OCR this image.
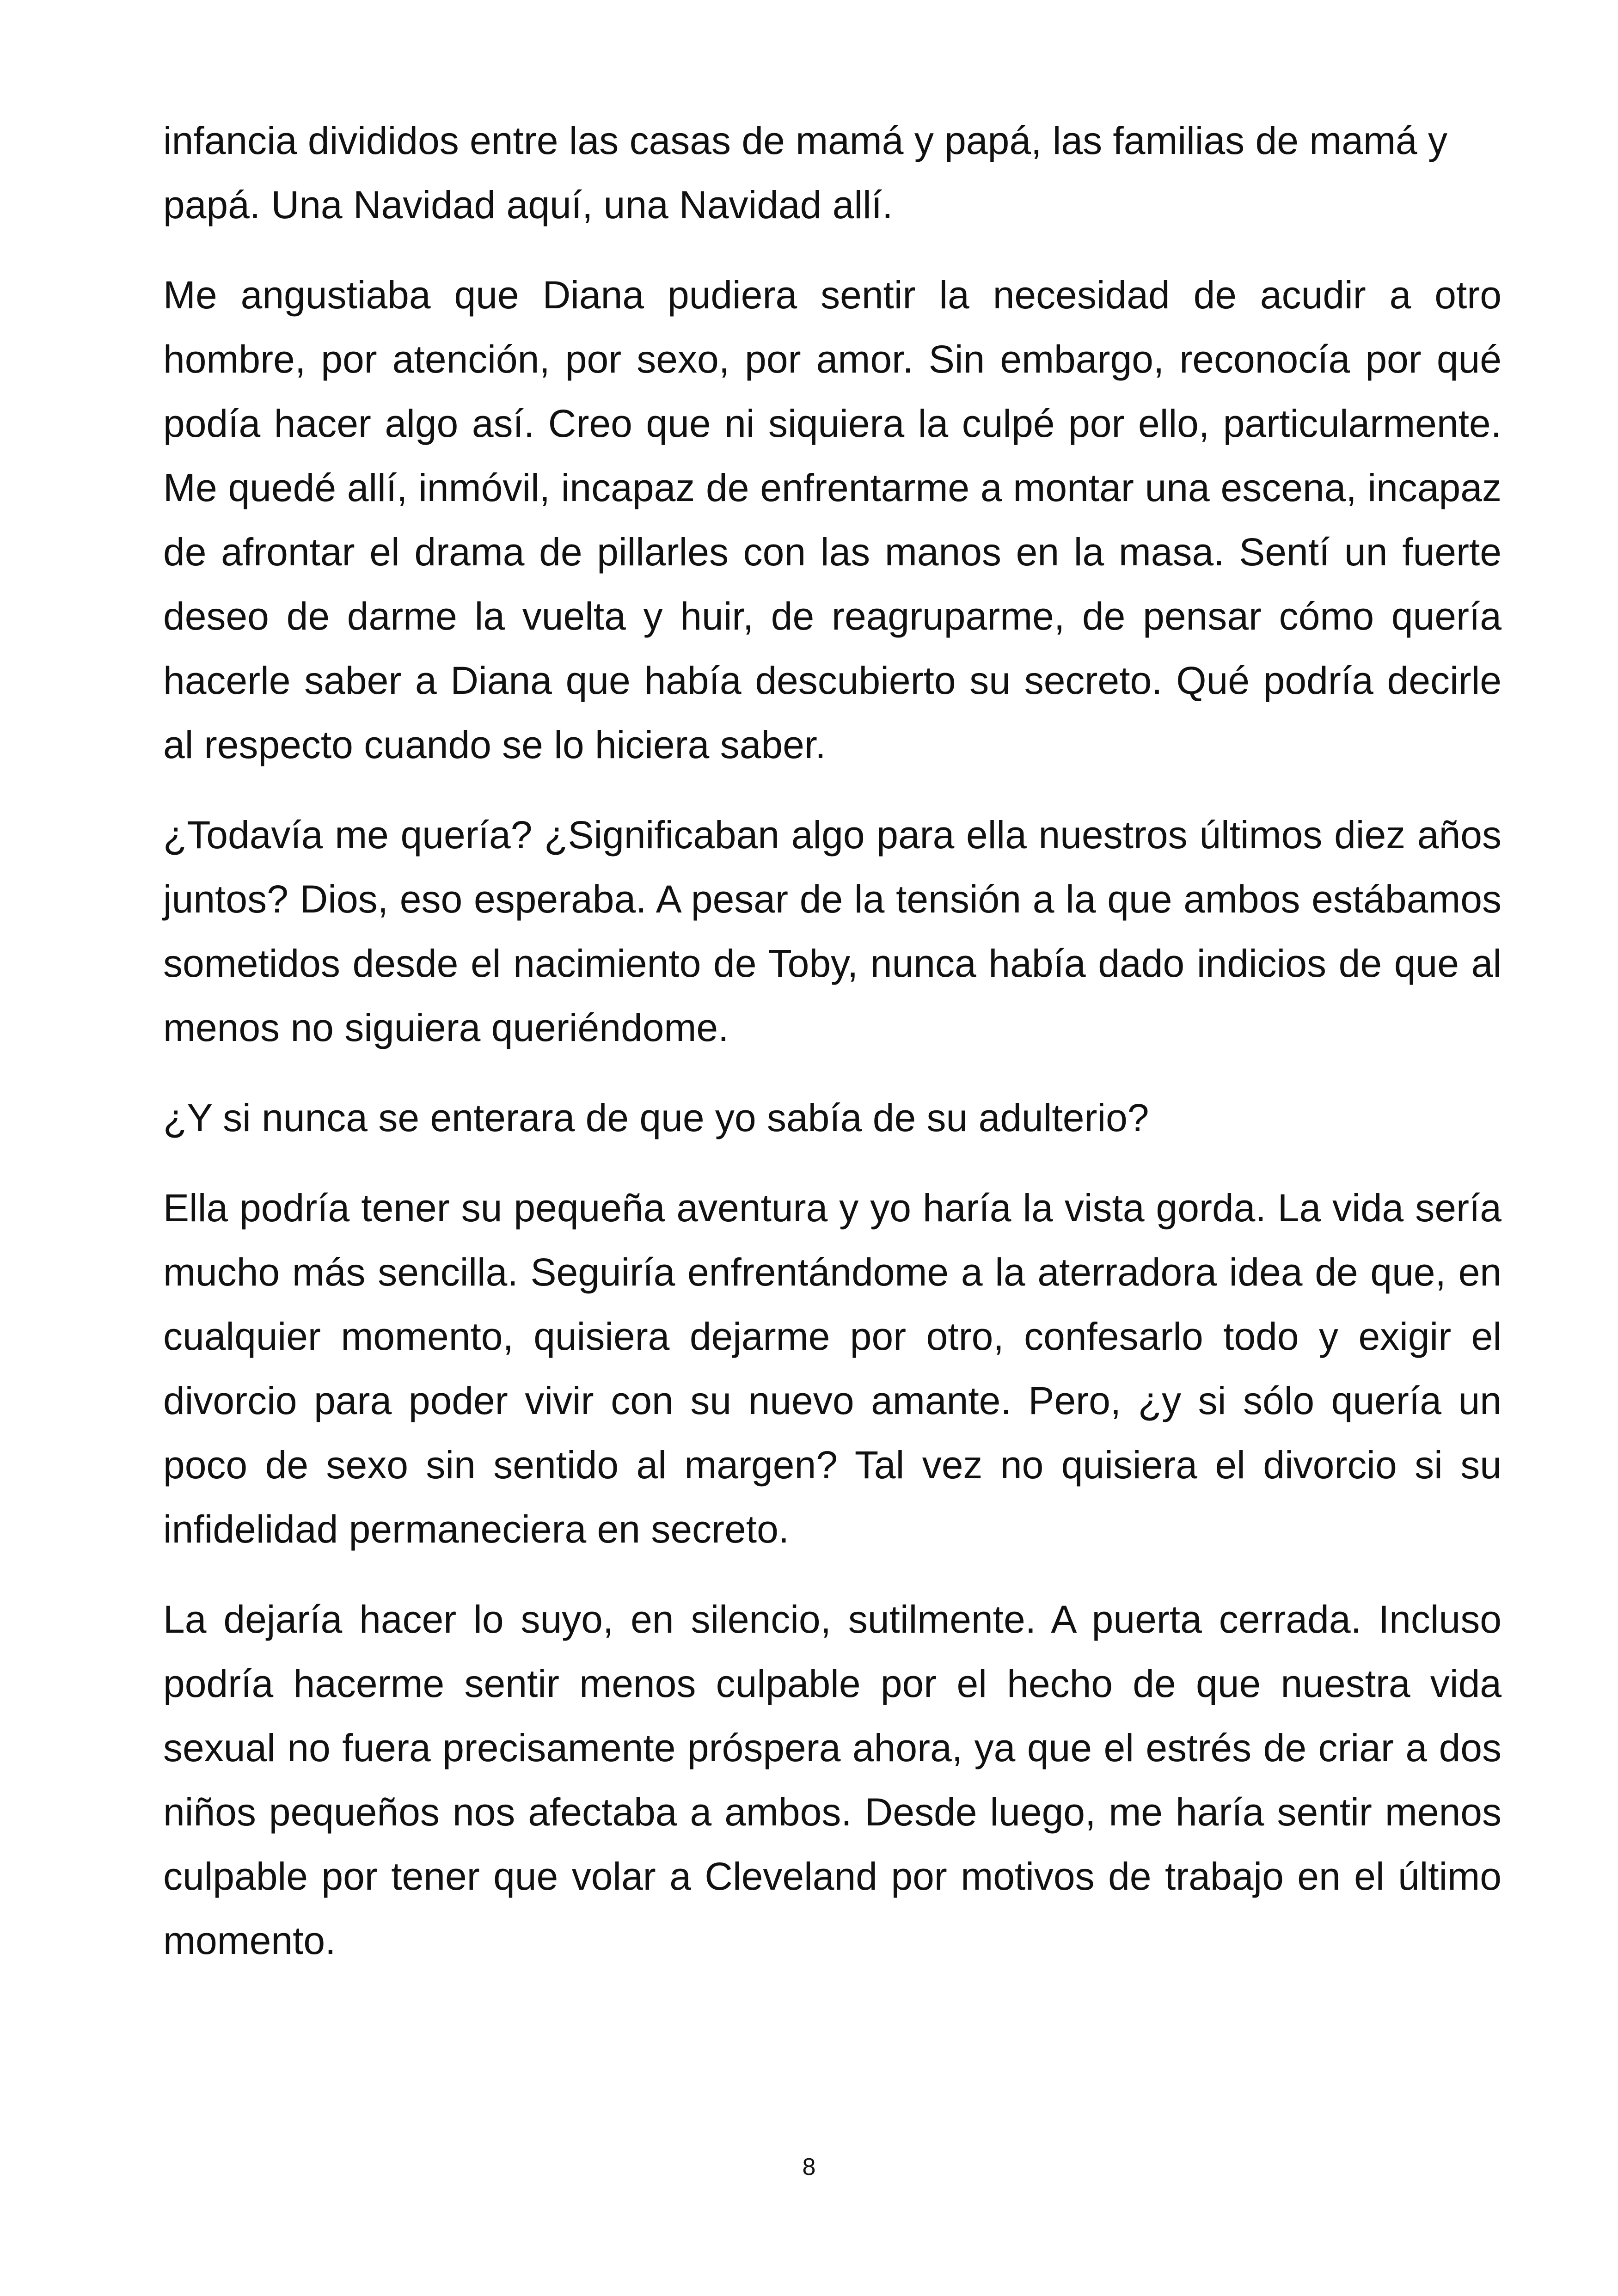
infancia divididos entre las casas de mamá y papá, las familias de mamá y papá. Una Navidad aquí, una Navidad allí.

Me angustiaba que Diana pudiera sentir la necesidad de acudir a otro hombre, por atención, por sexo, por amor. Sin embargo, reconocía por qué podía hacer algo así. Creo que ni siquiera la culpé por ello, particularmente. Me quedé allí, inmóvil, incapaz de enfrentarme a montar una escena, incapaz de afrontar el drama de pillarles con las manos en la masa. Sentí un fuerte deseo de darme la vuelta y huir, de reagruparme, de pensar cómo quería hacerle saber a Diana que había descubierto su secreto. Qué podría decirle al respecto cuando se lo hiciera saber.

¿Todavía me quería? ¿Significaban algo para ella nuestros últimos diez años juntos? Dios, eso esperaba. A pesar de la tensión a la que ambos estábamos sometidos desde el nacimiento de Toby, nunca había dado indicios de que al menos no siguiera queriéndome.

¿Y si nunca se enterara de que yo sabía de su adulterio?

Ella podría tener su pequeña aventura y yo haría la vista gorda. La vida sería mucho más sencilla. Seguiría enfrentándome a la aterradora idea de que, en cualquier momento, quisiera dejarme por otro, confesarlo todo y exigir el divorcio para poder vivir con su nuevo amante. Pero, ¿y si sólo quería un poco de sexo sin sentido al margen? Tal vez no quisiera el divorcio si su infidelidad permaneciera en secreto.

La dejaría hacer lo suyo, en silencio, sutilmente. A puerta cerrada. Incluso podría hacerme sentir menos culpable por el hecho de que nuestra vida sexual no fuera precisamente próspera ahora, ya que el estrés de criar a dos niños pequeños nos afectaba a ambos. Desde luego, me haría sentir menos culpable por tener que volar a Cleveland por motivos de trabajo en el último momento.

8
